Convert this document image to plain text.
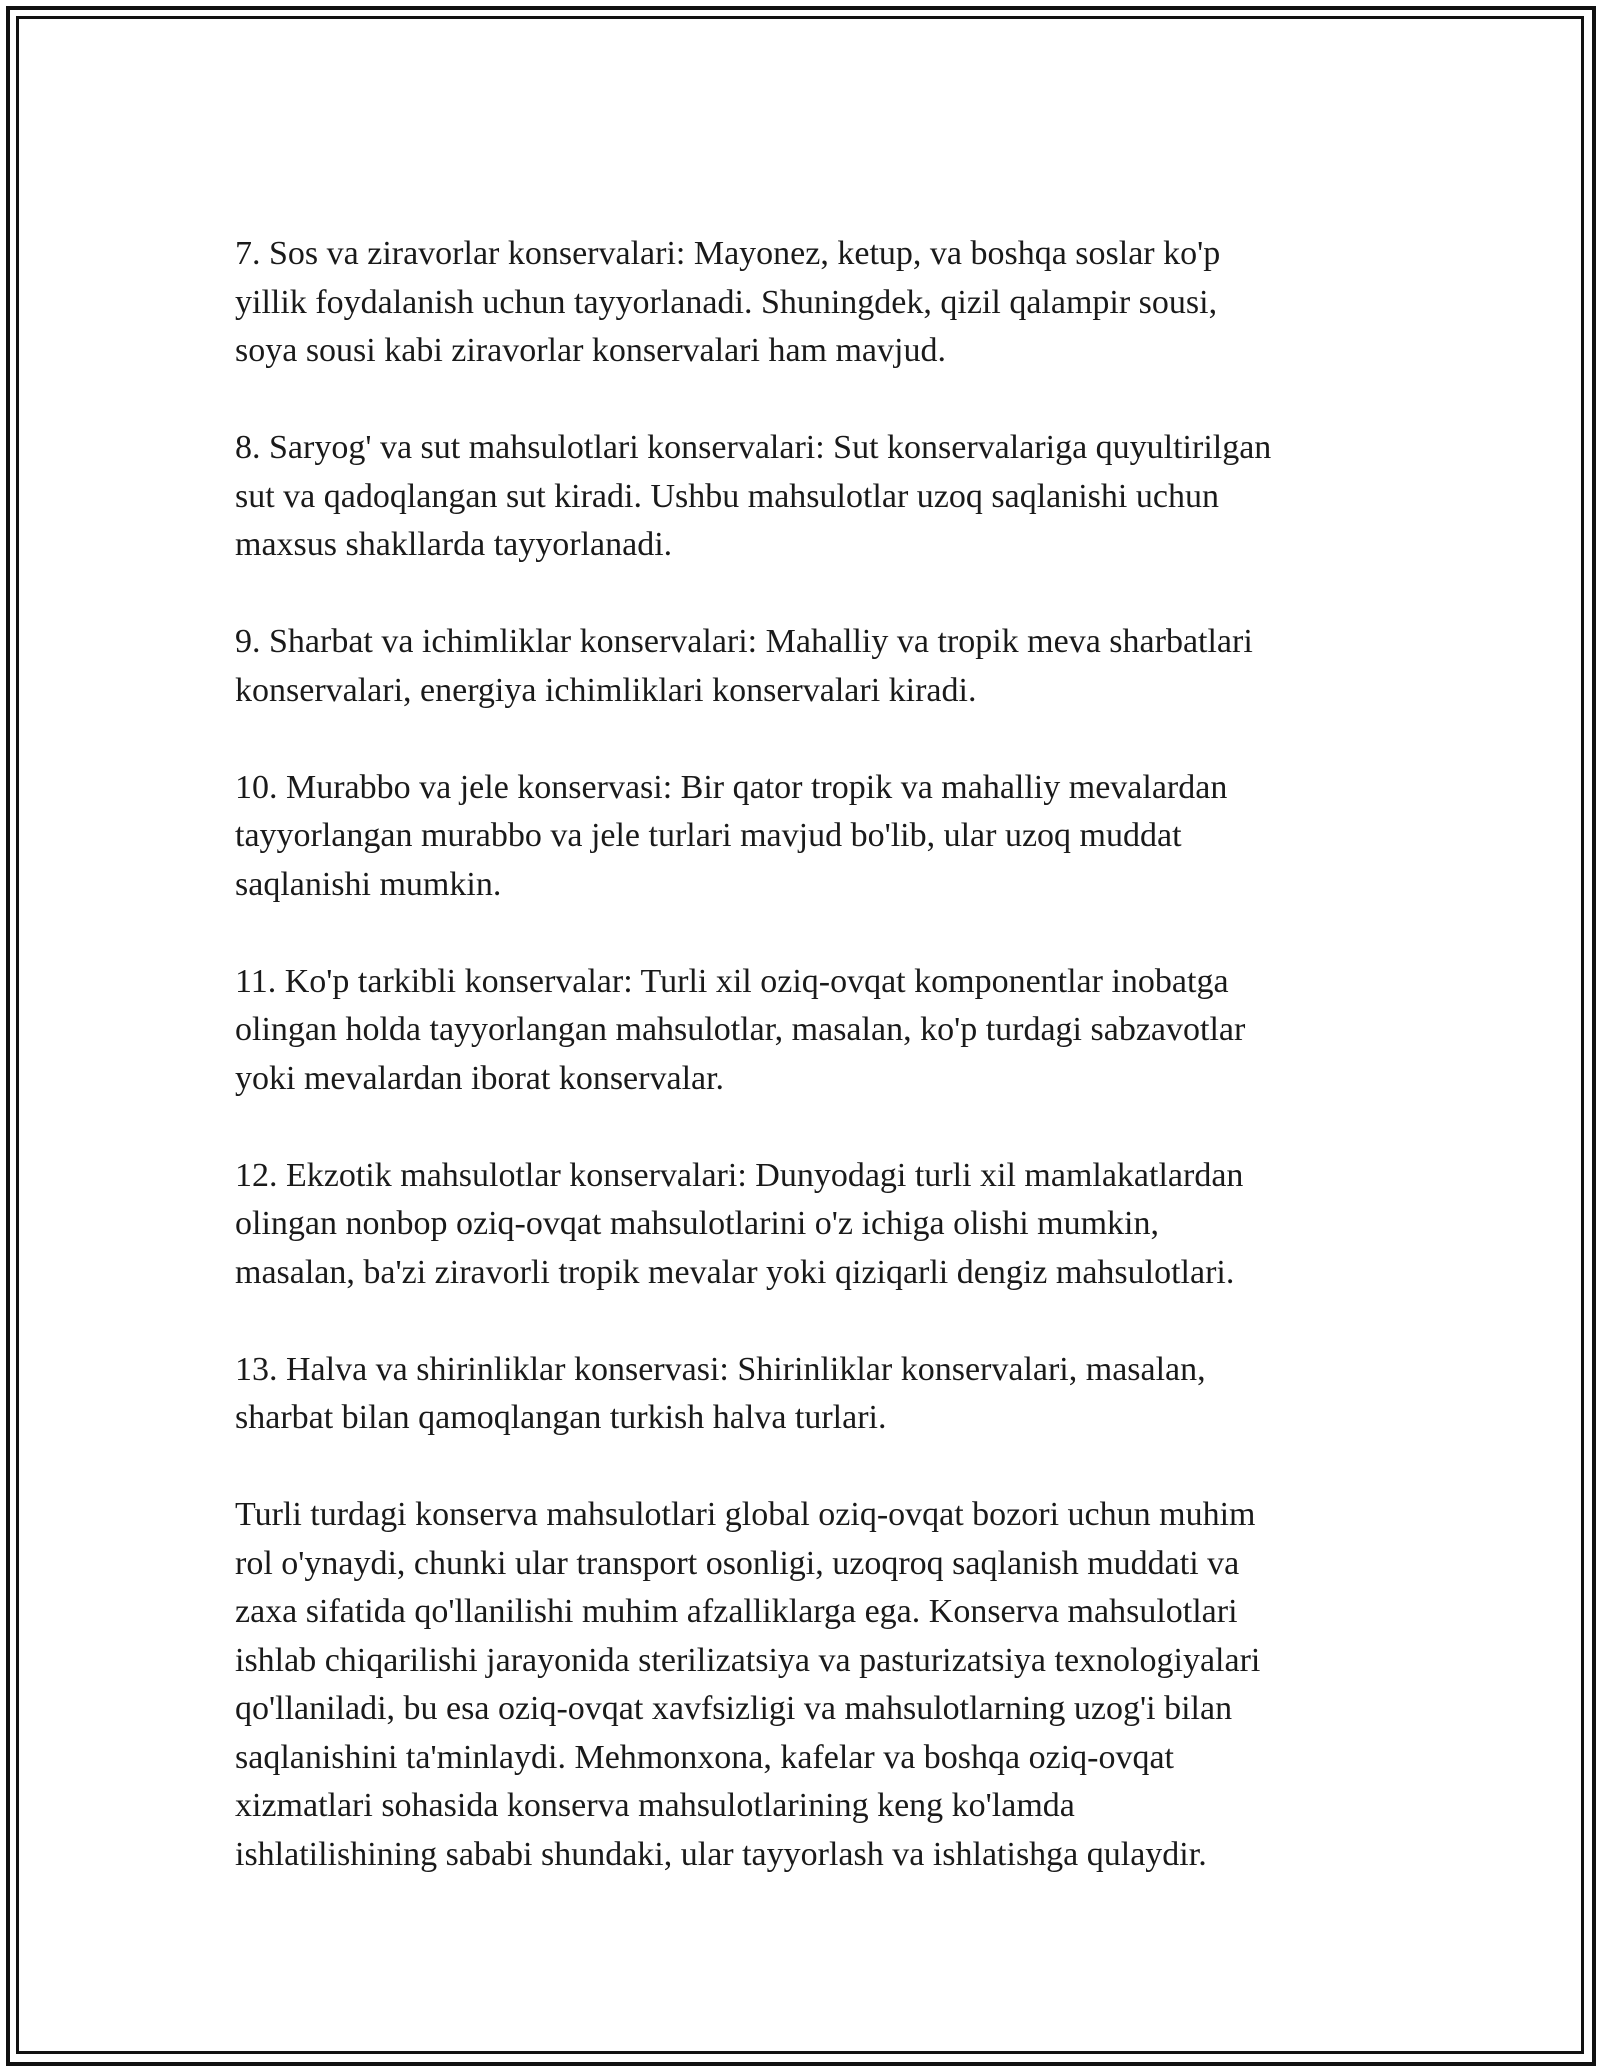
7. Sos va ziravorlar konservalari: Mayonez, ketup, va boshqa soslar ko'p
yillik foydalanish uchun tayyorlanadi. Shuningdek, qizil qalampir sousi,
soya sousi kabi ziravorlar konservalari ham mavjud.

8. Saryog' va sut mahsulotlari konservalari: Sut konservalariga quyultirilgan
sut va qadoqlangan sut kiradi. Ushbu mahsulotlar uzoq saqlanishi uchun
maxsus shakllarda tayyorlanadi.

9. Sharbat va ichimliklar konservalari: Mahalliy va tropik meva sharbatlari
konservalari, energiya ichimliklari konservalari kiradi.

10. Murabbo va jele konservasi: Bir qator tropik va mahalliy mevalardan
tayyorlangan murabbo va jele turlari mavjud bo'lib, ular uzoq muddat
saqlanishi mumkin.

11. Ko'p tarkibli konservalar: Turli xil oziq-ovqat komponentlar inobatga
olingan holda tayyorlangan mahsulotlar, masalan, ko'p turdagi sabzavotlar
yoki mevalardan iborat konservalar.

12. Ekzotik mahsulotlar konservalari: Dunyodagi turli xil mamlakatlardan
olingan nonbop oziq-ovqat mahsulotlarini o'z ichiga olishi mumkin,
masalan, ba'zi ziravorli tropik mevalar yoki qiziqarli dengiz mahsulotlari.

13. Halva va shirinliklar konservasi: Shirinliklar konservalari, masalan,
sharbat bilan qamoqlangan turkish halva turlari.

Turli turdagi konserva mahsulotlari global oziq-ovqat bozori uchun muhim
rol o'ynaydi, chunki ular transport osonligi, uzoqroq saqlanish muddati va
zaxa sifatida qo'llanilishi muhim afzalliklarga ega. Konserva mahsulotlari
ishlab chiqarilishi jarayonida sterilizatsiya va pasturizatsiya texnologiyalari
qo'llaniladi, bu esa oziq-ovqat xavfsizligi va mahsulotlarning uzog'i bilan
saqlanishini ta'minlaydi. Mehmonxona, kafelar va boshqa oziq-ovqat
xizmatlari sohasida konserva mahsulotlarining keng ko'lamda
ishlatilishining sababi shundaki, ular tayyorlash va ishlatishga qulaydir.
